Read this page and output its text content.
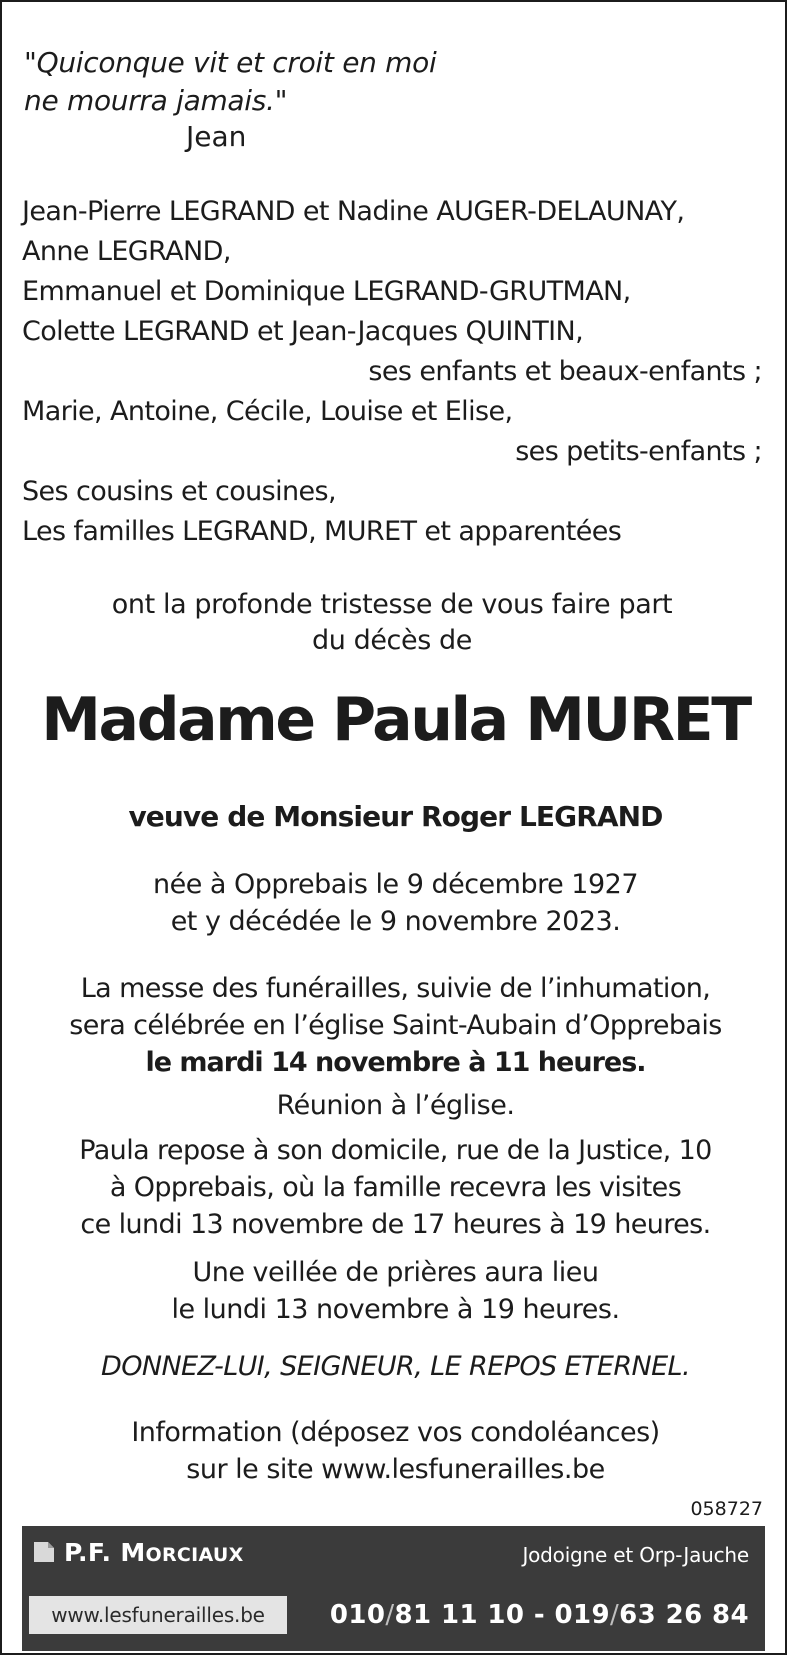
"Quiconque vit et croit en moi
ne mourra jamais."
Jean
Jean-Pierre LEGRAND et Nadine AUGER-DELAUNAY,
Anne LEGRAND,
Emmanuel et Dominique LEGRAND-GRUTMAN,
Colette LEGRAND et Jean-Jacques QUINTIN,
ses enfants et beaux-enfants ;
Marie, Antoine, Cécile, Louise et Elise,
ses petits-enfants ;
Ses cousins et cousines,
Les familles LEGRAND, MURET et apparentées
ont la profonde tristesse de vous faire part
du décès de
Madame Paula MURET
veuve de Monsieur Roger LEGRAND
née à Opprebais le 9 décembre 1927
et y décédée le 9 novembre 2023.
La messe des funérailles, suivie de l’inhumation,
sera célébrée en l’église Saint-Aubain d’Opprebais
le mardi 14 novembre à 11 heures.
Réunion à l’église.
Paula repose à son domicile, rue de la Justice, 10
à Opprebais, où la famille recevra les visites
ce lundi 13 novembre de 17 heures à 19 heures.
Une veillée de prières aura lieu
le lundi 13 novembre à 19 heures.
DONNEZ-LUI, SEIGNEUR, LE REPOS ETERNEL.
Information (déposez vos condoléances)
sur le site www.lesfunerailles.be
058727
P.F. MORCIAUX	Jodoigne et Orp-Jauche
www.lesfunerailles.be	010/81 11 10 - 019/63 26 84
